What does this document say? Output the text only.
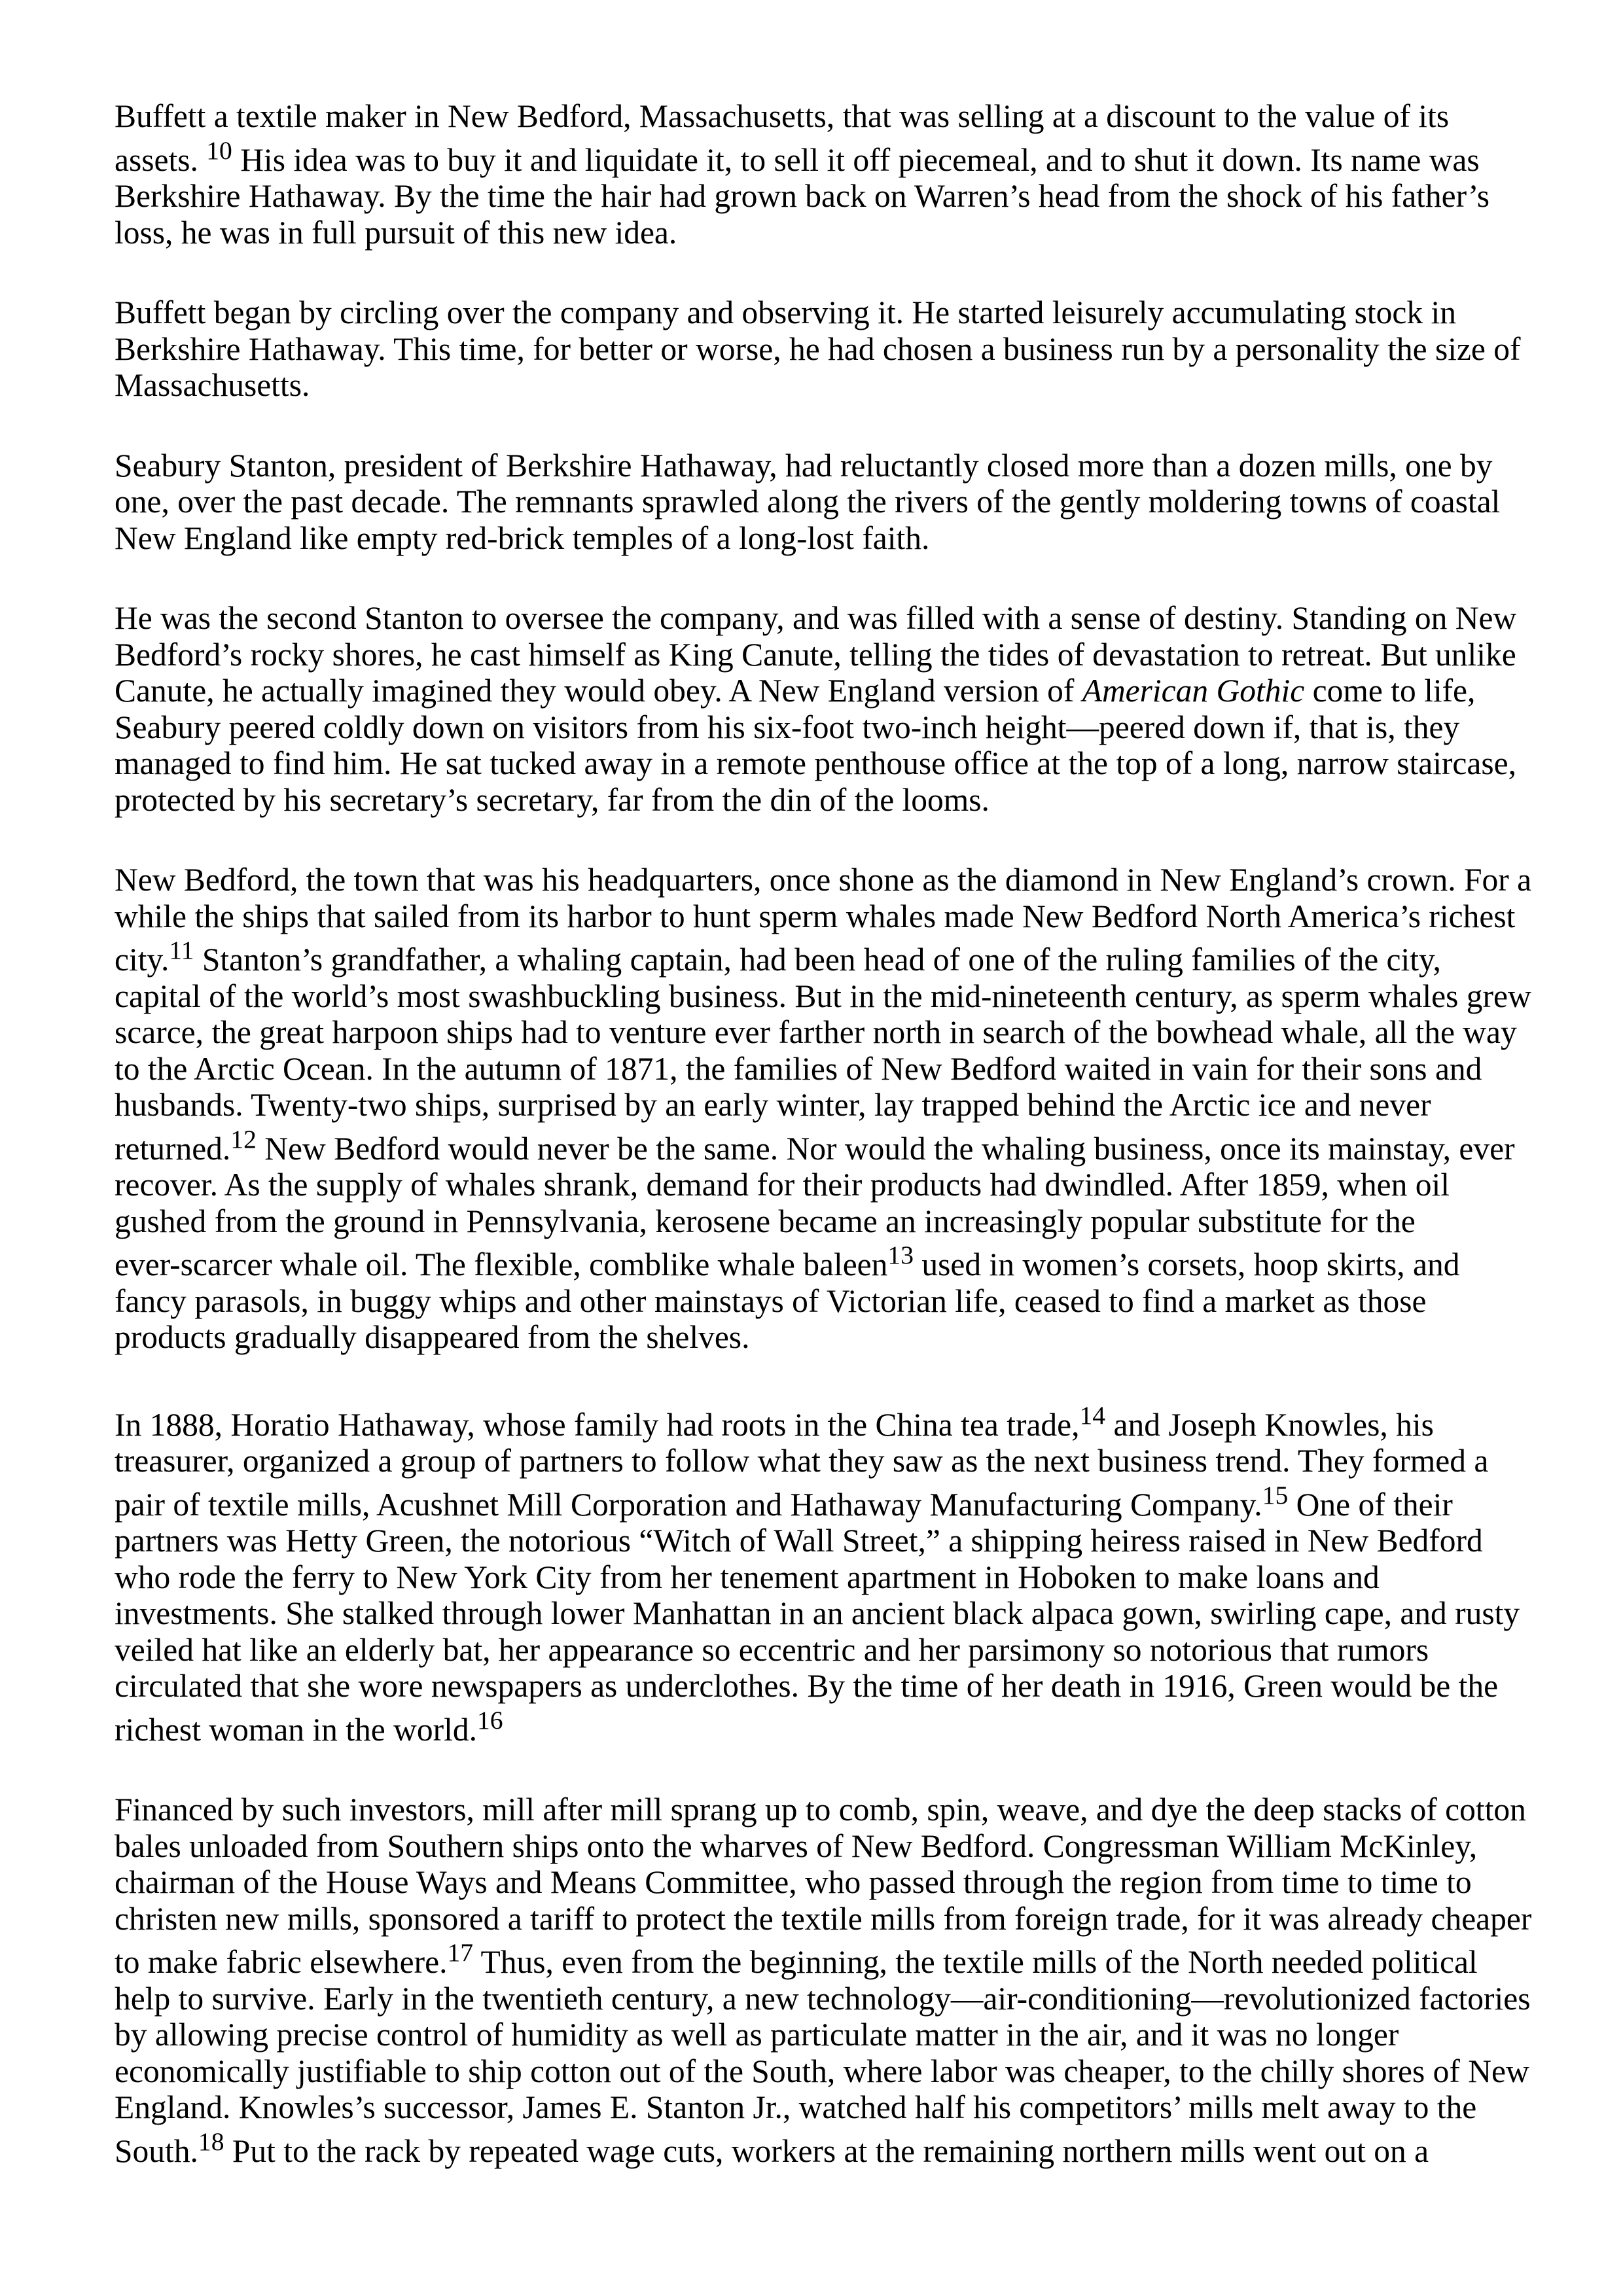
Buffett a textile maker in New Bedford, Massachusetts, that was selling at a discount to the value of its
assets. $^{10}$ His idea was to buy it and liquidate it, to sell it off piecemeal, and to shut it down. Its name was
Berkshire Hathaway. By the time the hair had grown back on Warren’s head from the shock of his father’s
loss, he was in full pursuit of this new idea.
Buffett began by circling over the company and observing it. He started leisurely accumulating stock in
Berkshire Hathaway. This time, for better or worse, he had chosen a business run by a personality the size of
Massachusetts.
Seabury Stanton, president of Berkshire Hathaway, had reluctantly closed more than a dozen mills, one by
one, over the past decade. The remnants sprawled along the rivers of the gently moldering towns of coastal
New England like empty red-brick temples of a long-lost faith.
He was the second Stanton to oversee the company, and was filled with a sense of destiny. Standing on New
Bedford’s rocky shores, he cast himself as King Canute, telling the tides of devastation to retreat. But unlike
Canute, he actually imagined they would obey. A New England version of American Gothic come to life,
Seabury peered coldly down on visitors from his six-foot two-inch height—peered down if, that is, they
managed to find him. He sat tucked away in a remote penthouse office at the top of a long, narrow staircase,
protected by his secretary’s secretary, far from the din of the looms.
New Bedford, the town that was his headquarters, once shone as the diamond in New England’s crown. For a
while the ships that sailed from its harbor to hunt sperm whales made New Bedford North America’s richest
city.$^{11}$ Stanton’s grandfather, a whaling captain, had been head of one of the ruling families of the city,
capital of the world’s most swashbuckling business. But in the mid-nineteenth century, as sperm whales grew
scarce, the great harpoon ships had to venture ever farther north in search of the bowhead whale, all the way
to the Arctic Ocean. In the autumn of 1871, the families of New Bedford waited in vain for their sons and
husbands. Twenty-two ships, surprised by an early winter, lay trapped behind the Arctic ice and never
returned.$^{12}$ New Bedford would never be the same. Nor would the whaling business, once its mainstay, ever
recover. As the supply of whales shrank, demand for their products had dwindled. After 1859, when oil
gushed from the ground in Pennsylvania, kerosene became an increasingly popular substitute for the
ever-scarcer whale oil. The flexible, comblike whale baleen$^{13}$ used in women’s corsets, hoop skirts, and
fancy parasols, in buggy whips and other mainstays of Victorian life, ceased to find a market as those
products gradually disappeared from the shelves.
In 1888, Horatio Hathaway, whose family had roots in the China tea trade,$^{14}$ and Joseph Knowles, his
treasurer, organized a group of partners to follow what they saw as the next business trend. They formed a
pair of textile mills, Acushnet Mill Corporation and Hathaway Manufacturing Company.$^{15}$ One of their
partners was Hetty Green, the notorious “Witch of Wall Street,” a shipping heiress raised in New Bedford
who rode the ferry to New York City from her tenement apartment in Hoboken to make loans and
investments. She stalked through lower Manhattan in an ancient black alpaca gown, swirling cape, and rusty
veiled hat like an elderly bat, her appearance so eccentric and her parsimony so notorious that rumors
circulated that she wore newspapers as underclothes. By the time of her death in 1916, Green would be the
richest woman in the world.$^{16}$
Financed by such investors, mill after mill sprang up to comb, spin, weave, and dye the deep stacks of cotton
bales unloaded from Southern ships onto the wharves of New Bedford. Congressman William McKinley,
chairman of the House Ways and Means Committee, who passed through the region from time to time to
christen new mills, sponsored a tariff to protect the textile mills from foreign trade, for it was already cheaper
to make fabric elsewhere.$^{17}$ Thus, even from the beginning, the textile mills of the North needed political
help to survive. Early in the twentieth century, a new technology—air-conditioning—revolutionized factories
by allowing precise control of humidity as well as particulate matter in the air, and it was no longer
economically justifiable to ship cotton out of the South, where labor was cheaper, to the chilly shores of New
England. Knowles’s successor, James E. Stanton Jr., watched half his competitors’ mills melt away to the
South.$^{18}$ Put to the rack by repeated wage cuts, workers at the remaining northern mills went out on a
